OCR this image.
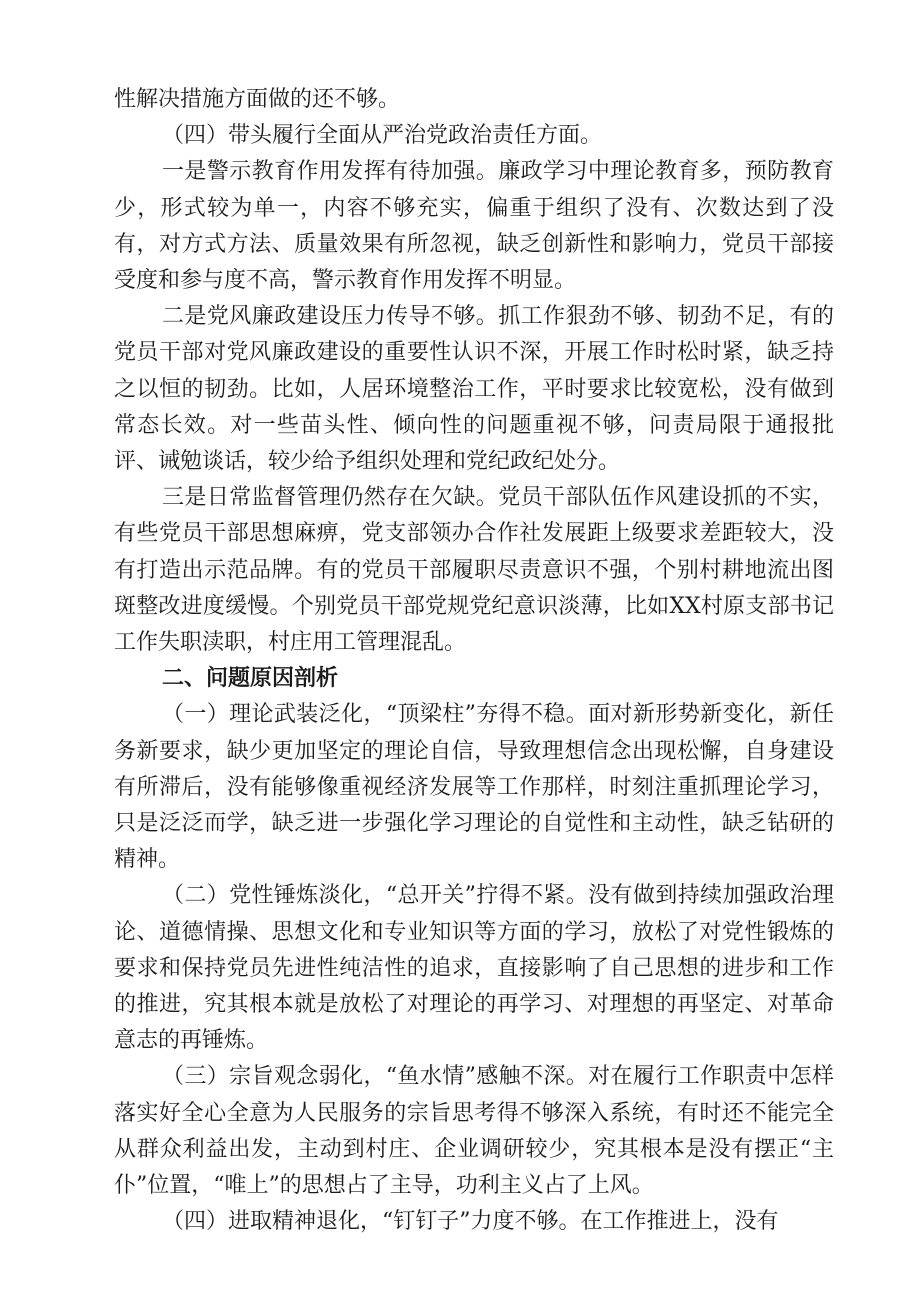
性解决措施方面做的还不够。

（四）带头履行全面从严治党政治责任方面。

一是警示教育作用发挥有待加强。廉政学习中理论教育多，预防教育少，形式较为单一，内容不够充实，偏重于组织了没有、次数达到了没有，对方式方法、质量效果有所忽视，缺乏创新性和影响力，党员干部接受度和参与度不高，警示教育作用发挥不明显。

二是党风廉政建设压力传导不够。抓工作狠劲不够、韧劲不足，有的党员干部对党风廉政建设的重要性认识不深，开展工作时松时紧，缺乏持之以恒的韧劲。比如，人居环境整治工作，平时要求比较宽松，没有做到常态长效。对一些苗头性、倾向性的问题重视不够，问责局限于通报批评、诫勉谈话，较少给予组织处理和党纪政纪处分。

三是日常监督管理仍然存在欠缺。党员干部队伍作风建设抓的不实，有些党员干部思想麻痹，党支部领办合作社发展距上级要求差距较大，没有打造出示范品牌。有的党员干部履职尽责意识不强，个别村耕地流出图斑整改进度缓慢。个别党员干部党规党纪意识淡薄，比如XX村原支部书记工作失职渎职，村庄用工管理混乱。

二、问题原因剖析

（一）理论武装泛化，“顶梁柱”夯得不稳。面对新形势新变化，新任务新要求，缺少更加坚定的理论自信，导致理想信念出现松懈，自身建设有所滞后，没有能够像重视经济发展等工作那样，时刻注重抓理论学习，只是泛泛而学，缺乏进一步强化学习理论的自觉性和主动性，缺乏钻研的精神。

（二）党性锤炼淡化，“总开关”拧得不紧。没有做到持续加强政治理论、道德情操、思想文化和专业知识等方面的学习，放松了对党性锻炼的要求和保持党员先进性纯洁性的追求，直接影响了自己思想的进步和工作的推进，究其根本就是放松了对理论的再学习、对理想的再坚定、对革命意志的再锤炼。

（三）宗旨观念弱化，“鱼水情”感触不深。对在履行工作职责中怎样落实好全心全意为人民服务的宗旨思考得不够深入系统，有时还不能完全从群众利益出发，主动到村庄、企业调研较少，究其根本是没有摆正“主仆”位置，“唯上”的思想占了主导，功利主义占了上风。

（四）进取精神退化，“钉钉子”力度不够。在工作推进上，没有
